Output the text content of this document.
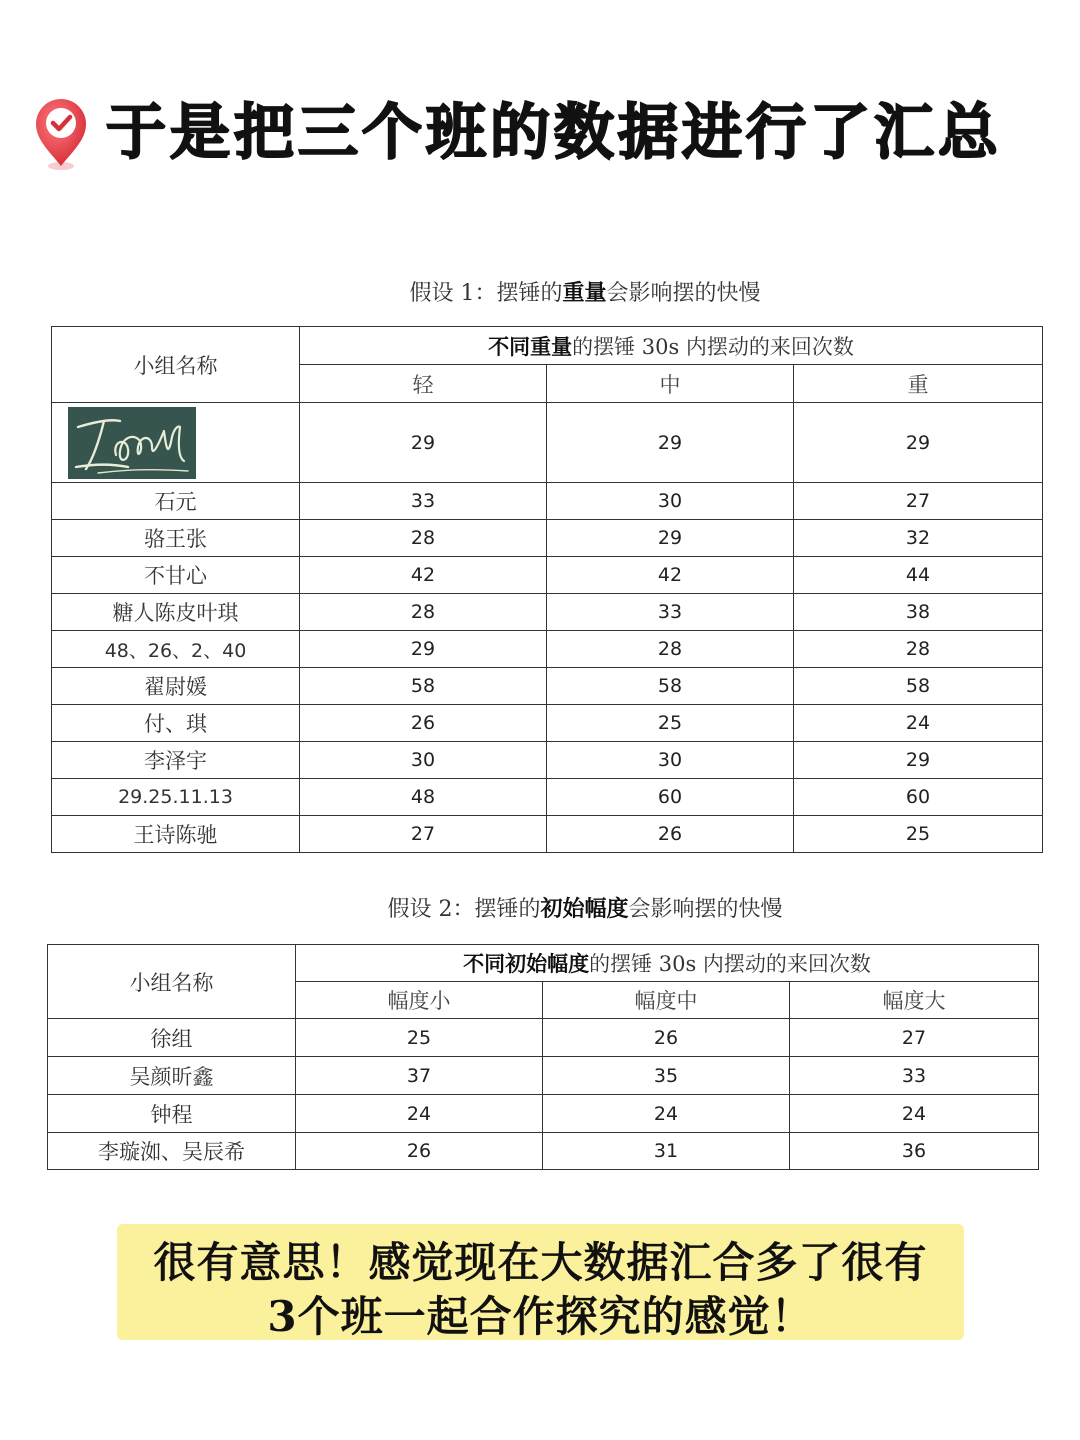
于是把三个班的数据进行了汇总
假设 1：摆锤的重量会影响摆的快慢
小组名称	不同重量的摆锤 30s 内摆动的来回次数		
	轻	中	重

	29	29	29
石元	33	30	27
骆王张	28	29	32
不甘心	42	42	44
糖人陈皮叶琪	28	33	38
48、26、2、40	29	28	28
翟尉媛	58	58	58
付、琪	26	25	24
李泽宇	30	30	29
29.25.11.13	48	60	60
王诗陈驰	27	26	25
假设 2：摆锤的初始幅度会影响摆的快慢
小组名称	不同初始幅度的摆锤 30s 内摆动的来回次数		
	幅度小	幅度中	幅度大
徐组	25	26	27
吴颜昕鑫	37	35	33
钟程	24	24	24
李璇洳、吴辰希	26	31	36
很有意思！感觉现在大数据汇合多了很有
3个班一起合作探究的感觉！
